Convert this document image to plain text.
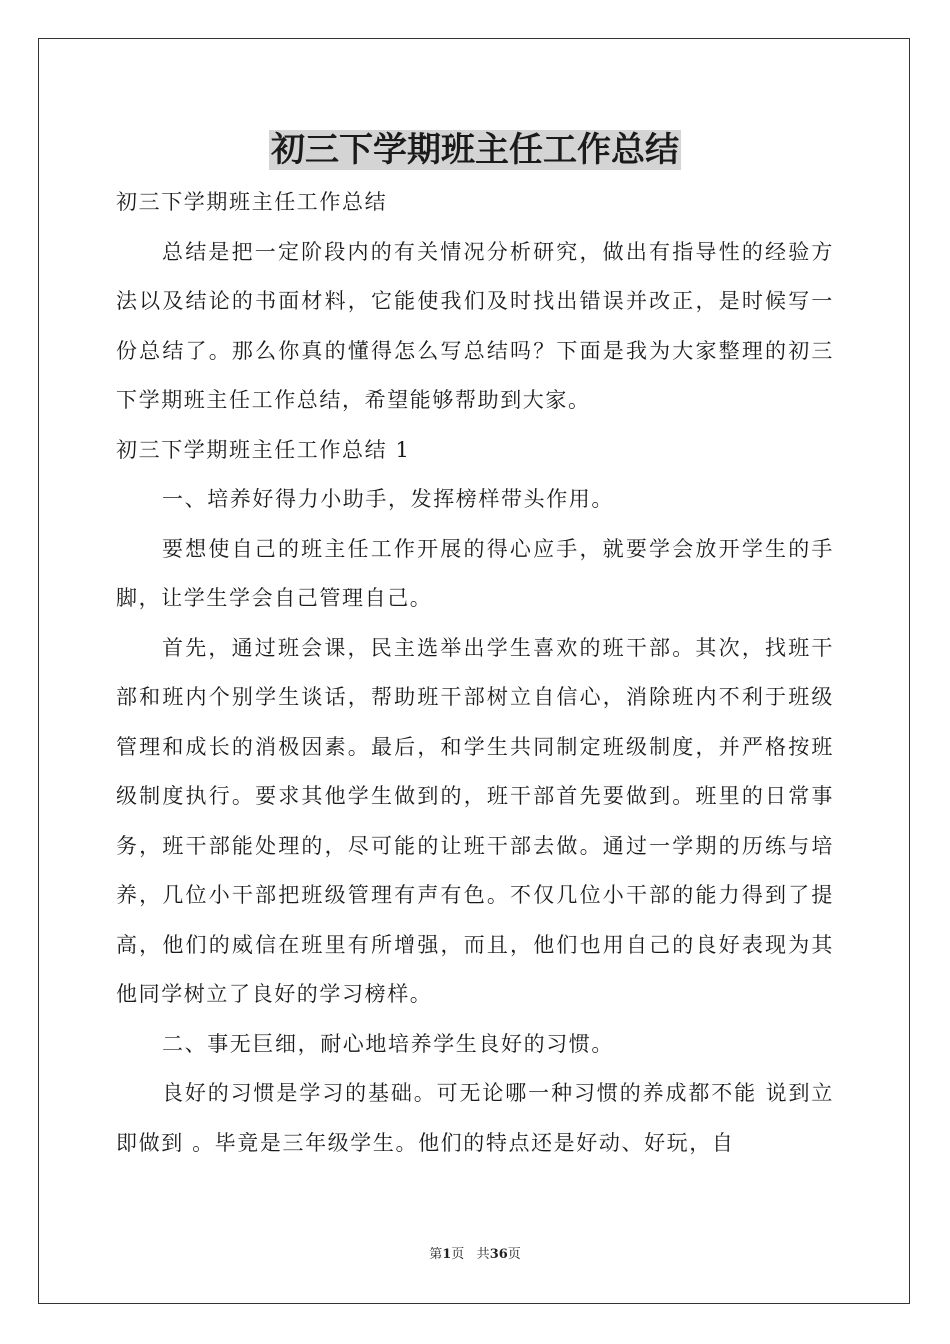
初三下学期班主任工作总结

初三下学期班主任工作总结

总结是把一定阶段内的有关情况分析研究，做出有指导性的经验方法以及结论的书面材料，它能使我们及时找出错误并改正，是时候写一份总结了。那么你真的懂得怎么写总结吗？下面是我为大家整理的初三下学期班主任工作总结，希望能够帮助到大家。

初三下学期班主任工作总结 1

一、培养好得力小助手，发挥榜样带头作用。

要想使自己的班主任工作开展的得心应手，就要学会放开学生的手脚，让学生学会自己管理自己。

首先，通过班会课，民主选举出学生喜欢的班干部。其次，找班干部和班内个别学生谈话，帮助班干部树立自信心，消除班内不利于班级管理和成长的消极因素。最后，和学生共同制定班级制度，并严格按班级制度执行。要求其他学生做到的，班干部首先要做到。班里的日常事务，班干部能处理的，尽可能的让班干部去做。通过一学期的历练与培养，几位小干部把班级管理有声有色。不仅几位小干部的能力得到了提高，他们的威信在班里有所增强，而且，他们也用自己的良好表现为其他同学树立了良好的学习榜样。

二、事无巨细，耐心地培养学生良好的习惯。

良好的习惯是学习的基础。可无论哪一种习惯的养成都不能 说到立即做到 。毕竟是三年级学生。他们的特点还是好动、好玩，自

第1页 共36页
